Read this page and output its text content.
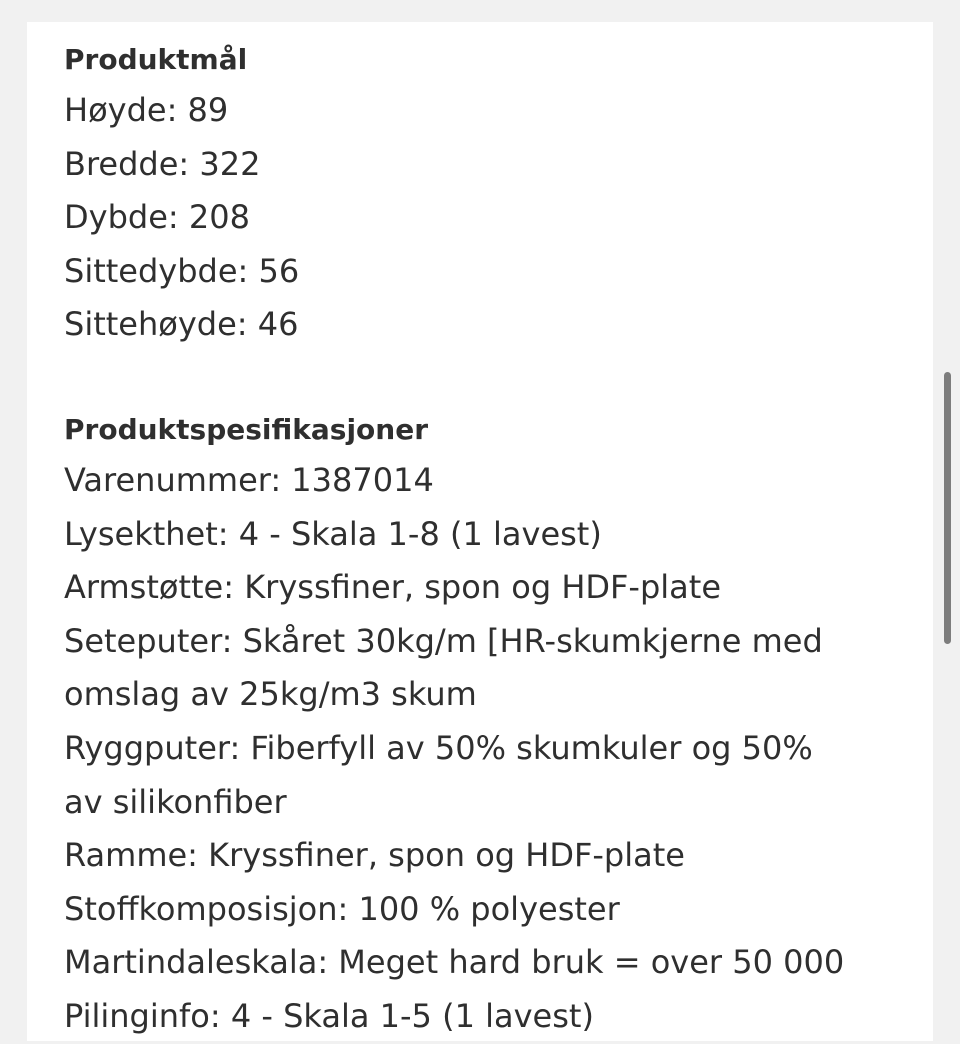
Produktmål
Høyde: 89
Bredde: 322
Dybde: 208
Sittedybde: 56
Sittehøyde: 46
Produktspesifikasjoner
Varenummer: 1387014
Lysekthet: 4 - Skala 1-8 (1 lavest)
Armstøtte: Kryssfiner, spon og HDF-plate
Seteputer: Skåret 30kg/m [HR-skumkjerne med
omslag av 25kg/m3 skum
Ryggputer: Fiberfyll av 50% skumkuler og 50%
av silikonfiber
Ramme: Kryssfiner, spon og HDF-plate
Stoffkomposisjon: 100 % polyester
Martindaleskala: Meget hard bruk = over 50 000
Pilinginfo: 4 - Skala 1-5 (1 lavest)
